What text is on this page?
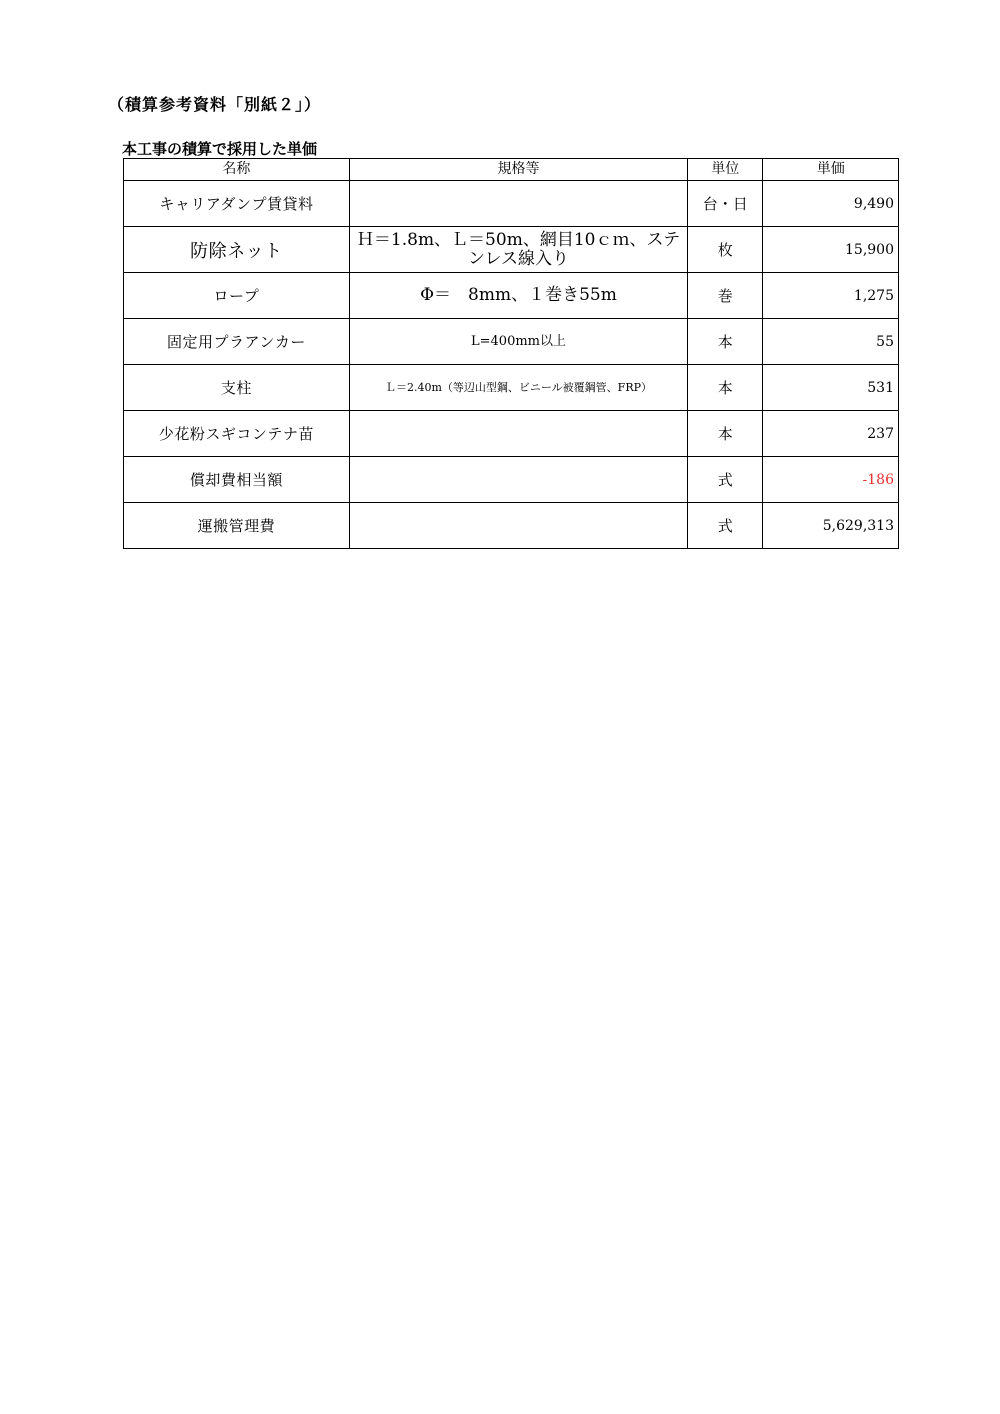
（積算参考資料「別紙２」）
本工事の積算で採用した単価
名称	規格等	単位	単価
キャリアダンプ賃貸料		台・日	9,490
防除ネット	Ｈ＝1.8m、Ｌ＝50m、網目10ｃｍ、ステンレス線入り	枚	15,900
ロープ	Φ＝　8mm、１巻き55m	巻	1,275
固定用プラアンカー	L=400mm以上	本	55
支柱	Ｌ＝2.40m（等辺山型鋼、ビニール被覆鋼管、FRP）	本	531
少花粉スギコンテナ苗		本	237
償却費相当額		式	-186
運搬管理費		式	5,629,313
